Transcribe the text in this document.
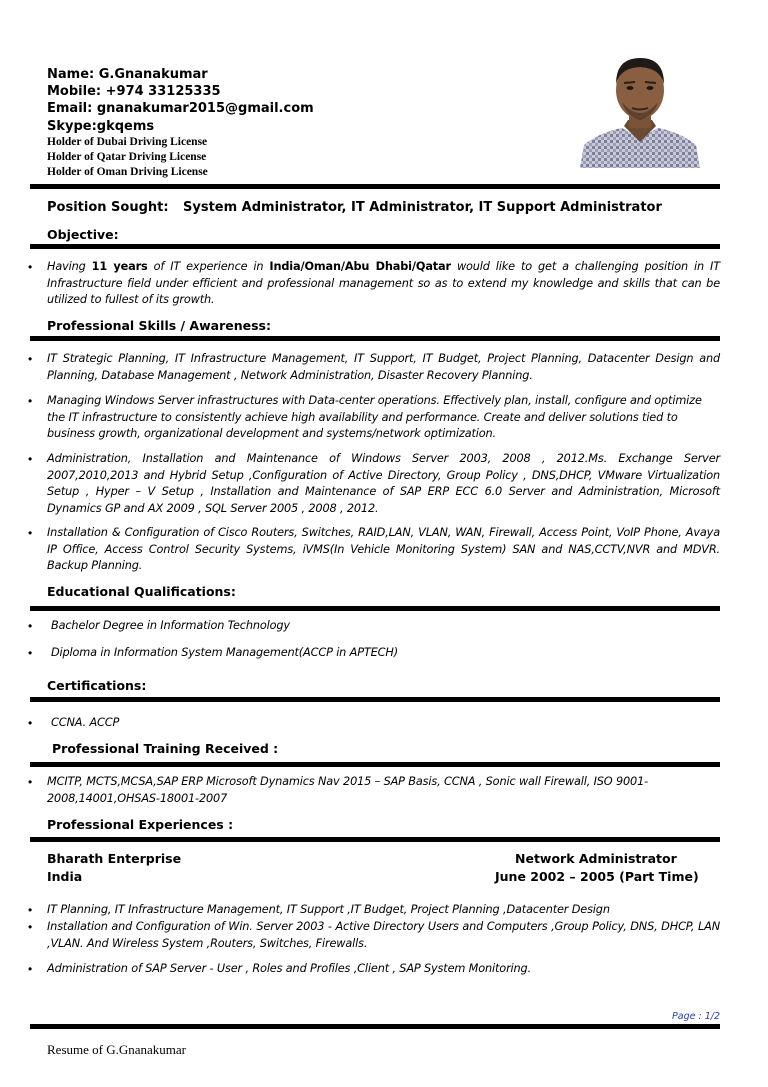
Name: G.Gnanakumar
Mobile: +974 33125335
Email: gnanakumar2015@gmail.com
Skype:gkqems
Holder of Dubai Driving License
Holder of Qatar Driving License
Holder of Oman Driving License
Position Sought: System Administrator, IT Administrator, IT Support Administrator
Objective:
• Having 11 years of IT experience in India/Oman/Abu Dhabi/Qatar would like to get a challenging position in IT Infrastructure field under efficient and professional management so as to extend my knowledge and skills that can be utilized to fullest of its growth.
Professional Skills / Awareness:
• IT Strategic Planning, IT Infrastructure Management, IT Support, IT Budget, Project Planning, Datacenter Design and Planning, Database Management , Network Administration, Disaster Recovery Planning.
• Managing Windows Server infrastructures with Data-center operations. Effectively plan, install, configure and optimize the IT infrastructure to consistently achieve high availability and performance. Create and deliver solutions tied to business growth, organizational development and systems/network optimization.
• Administration, Installation and Maintenance of Windows Server 2003, 2008 , 2012.Ms. Exchange Server 2007,2010,2013 and Hybrid Setup ,Configuration of Active Directory, Group Policy , DNS,DHCP, VMware Virtualization Setup , Hyper – V Setup , Installation and Maintenance of SAP ERP ECC 6.0 Server and Administration, Microsoft Dynamics GP and AX 2009 , SQL Server 2005 , 2008 , 2012.
• Installation & Configuration of Cisco Routers, Switches, RAID,LAN, VLAN, WAN, Firewall, Access Point, VoIP Phone, Avaya IP Office, Access Control Security Systems, iVMS(In Vehicle Monitoring System) SAN and NAS,CCTV,NVR and MDVR. Backup Planning.
Educational Qualifications:
• Bachelor Degree in Information Technology
• Diploma in Information System Management(ACCP in APTECH)
Certifications:
• CCNA. ACCP
Professional Training Received :
• MCITP, MCTS,MCSA,SAP ERP Microsoft Dynamics Nav 2015 – SAP Basis, CCNA , Sonic wall Firewall, ISO 9001-2008,14001,OHSAS-18001-2007
Professional Experiences :
Bharath Enterprise
India
Network Administrator
June 2002 – 2005 (Part Time)
• IT Planning, IT Infrastructure Management, IT Support ,IT Budget, Project Planning ,Datacenter Design
• Installation and Configuration of Win. Server 2003 - Active Directory Users and Computers ,Group Policy, DNS, DHCP, LAN ,VLAN. And Wireless System ,Routers, Switches, Firewalls.
• Administration of SAP Server - User , Roles and Profiles ,Client , SAP System Monitoring.
Page : 1/2
Resume of G.Gnanakumar
